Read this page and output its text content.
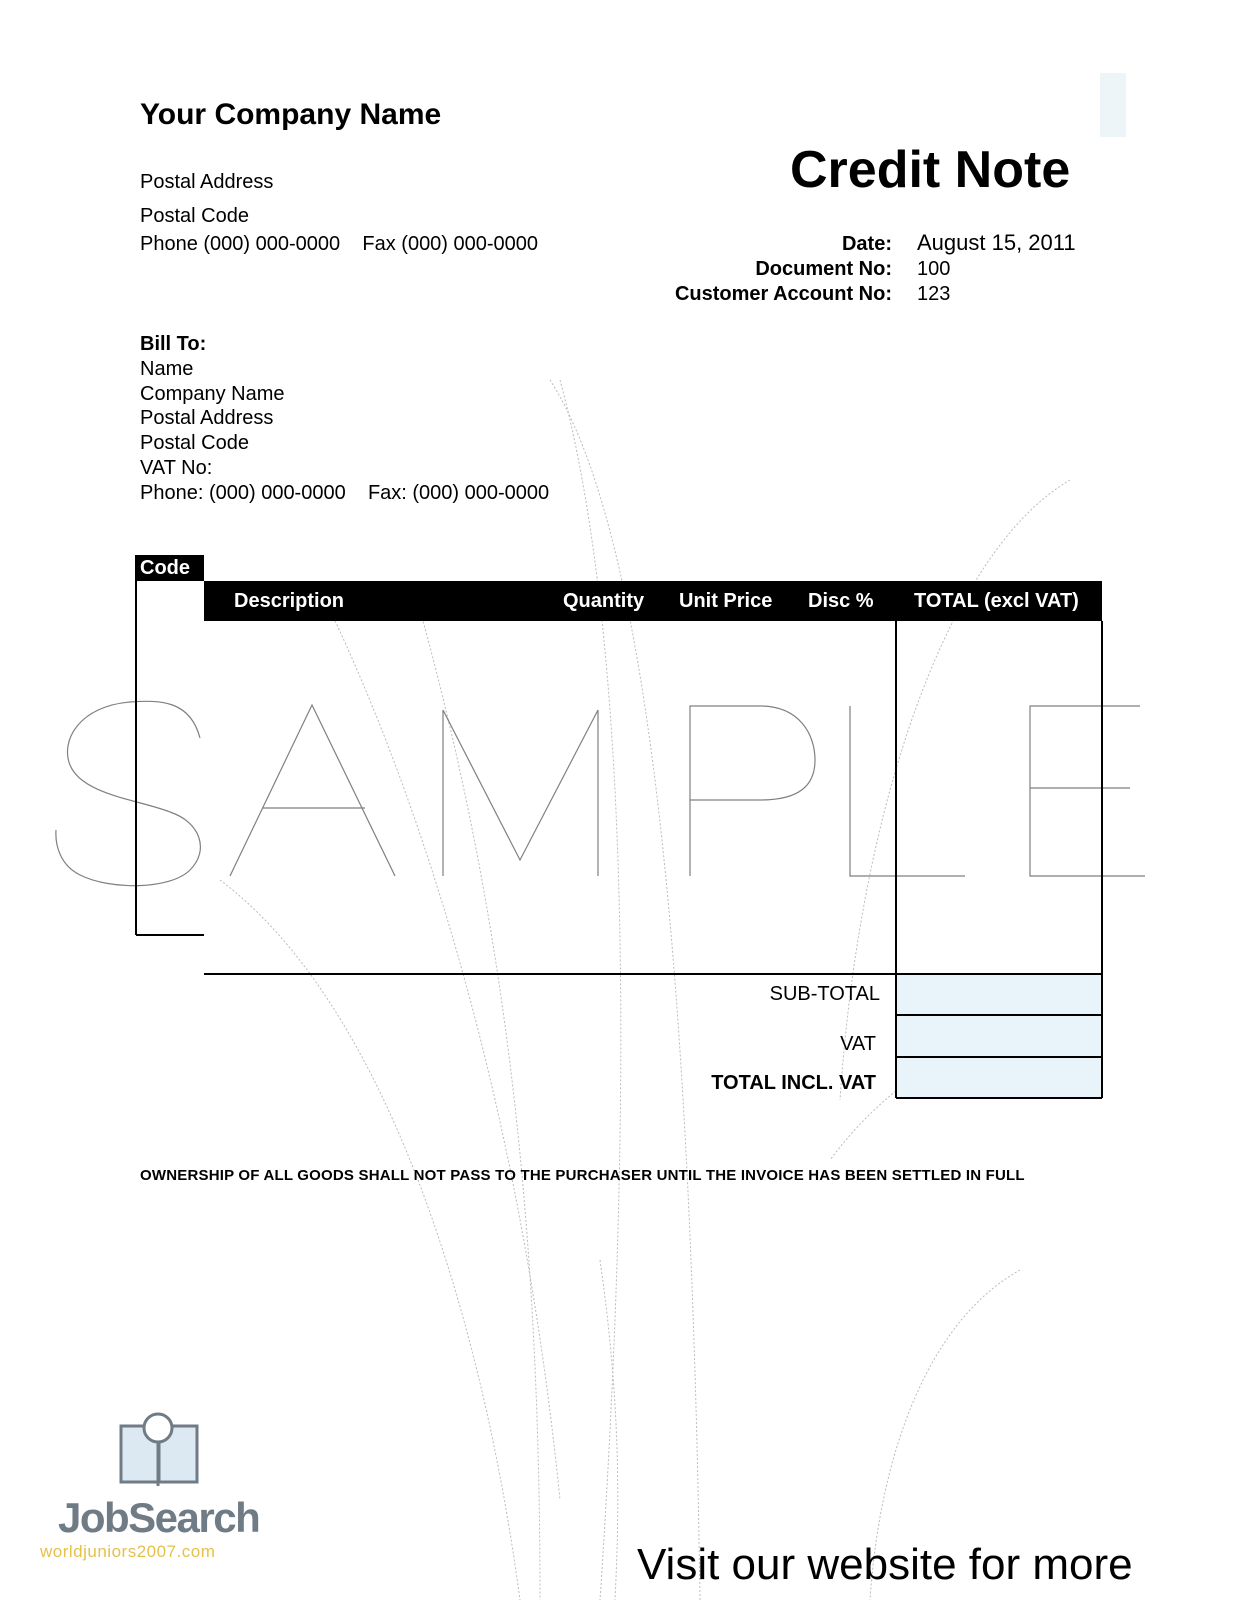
Your Company Name
Postal Address
Postal Code
Phone (000) 000-0000    Fax (000) 000-0000
Credit Note
Date: August 15, 2011
Document No: 100
Customer Account No: 123
Bill To:
Name
Company Name
Postal Address
Postal Code
VAT No:
Phone: (000) 000-0000    Fax: (000) 000-0000
Code
Description	Quantity Unit Price Disc % TOTAL (excl VAT)
SUB-TOTAL
VAT
TOTAL INCL. VAT
OWNERSHIP OF ALL GOODS SHALL NOT PASS TO THE PURCHASER UNTIL THE INVOICE HAS BEEN SETTLED IN FULL
JobSearch
worldjuniors2007.com	Visit our website for more
